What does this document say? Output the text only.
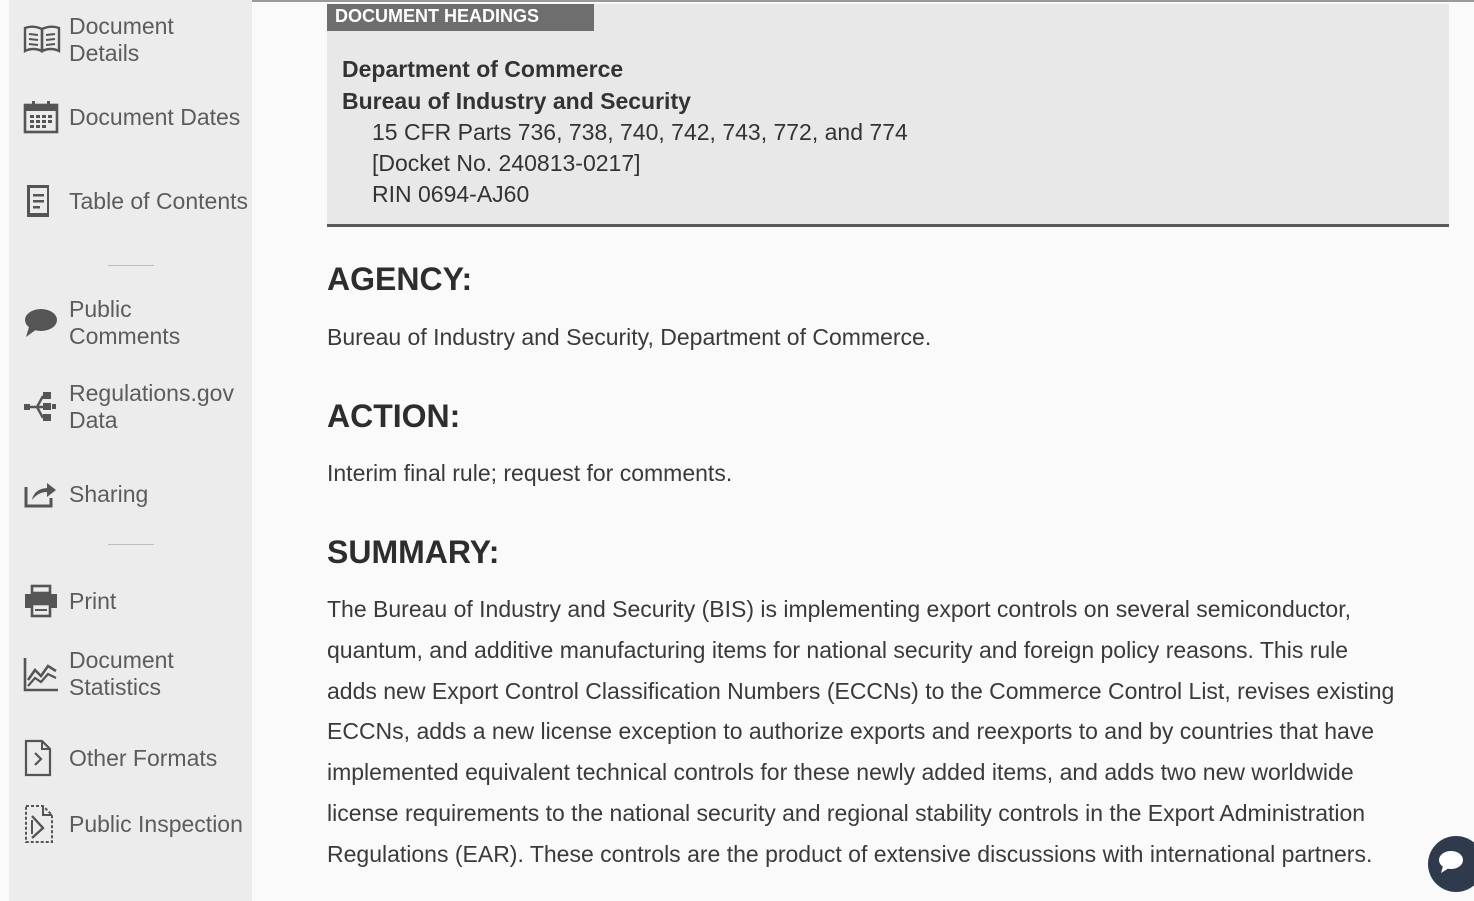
Document Details
Document Dates
Table of Contents
Public Comments
Regulations.gov Data
Sharing
Print
Document Statistics
Other Formats
Public Inspection
DOCUMENT HEADINGS
Department of Commerce
Bureau of Industry and Security
15 CFR Parts 736, 738, 740, 742, 743, 772, and 774
[Docket No. 240813-0217]
RIN 0694-AJ60
AGENCY:

Bureau of Industry and Security, Department of Commerce.

ACTION:

Interim final rule; request for comments.

SUMMARY:
The Bureau of Industry and Security (BIS) is implementing export controls on several semiconductor,
quantum, and additive manufacturing items for national security and foreign policy reasons. This rule
adds new Export Control Classification Numbers (ECCNs) to the Commerce Control List, revises existing
ECCNs, adds a new license exception to authorize exports and reexports to and by countries that have
implemented equivalent technical controls for these newly added items, and adds two new worldwide
license requirements to the national security and regional stability controls in the Export Administration
Regulations (EAR). These controls are the product of extensive discussions with international partners.
